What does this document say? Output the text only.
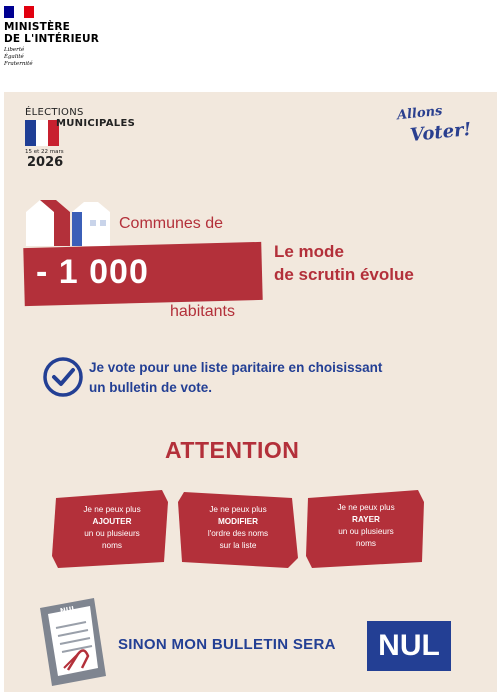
MINISTÈRE
DE L'INTÉRIEUR
Liberté
Égalité
Fraternité
ÉLECTIONS
MUNICIPALES
15 et 22 mars
2026
Allons
Voter!
Communes de
- 1 000
habitants
Le mode
de scrutin évolue
Je vote pour une liste paritaire en choisissant
un bulletin de vote.
ATTENTION
Je ne peux plus
AJOUTER
un ou plusieurs
noms
Je ne peux plus
MODIFIER
l'ordre des noms
sur la liste
Je ne peux plus
RAYER
un ou plusieurs
noms
NUL
SINON MON BULLETIN SERA	NUL
